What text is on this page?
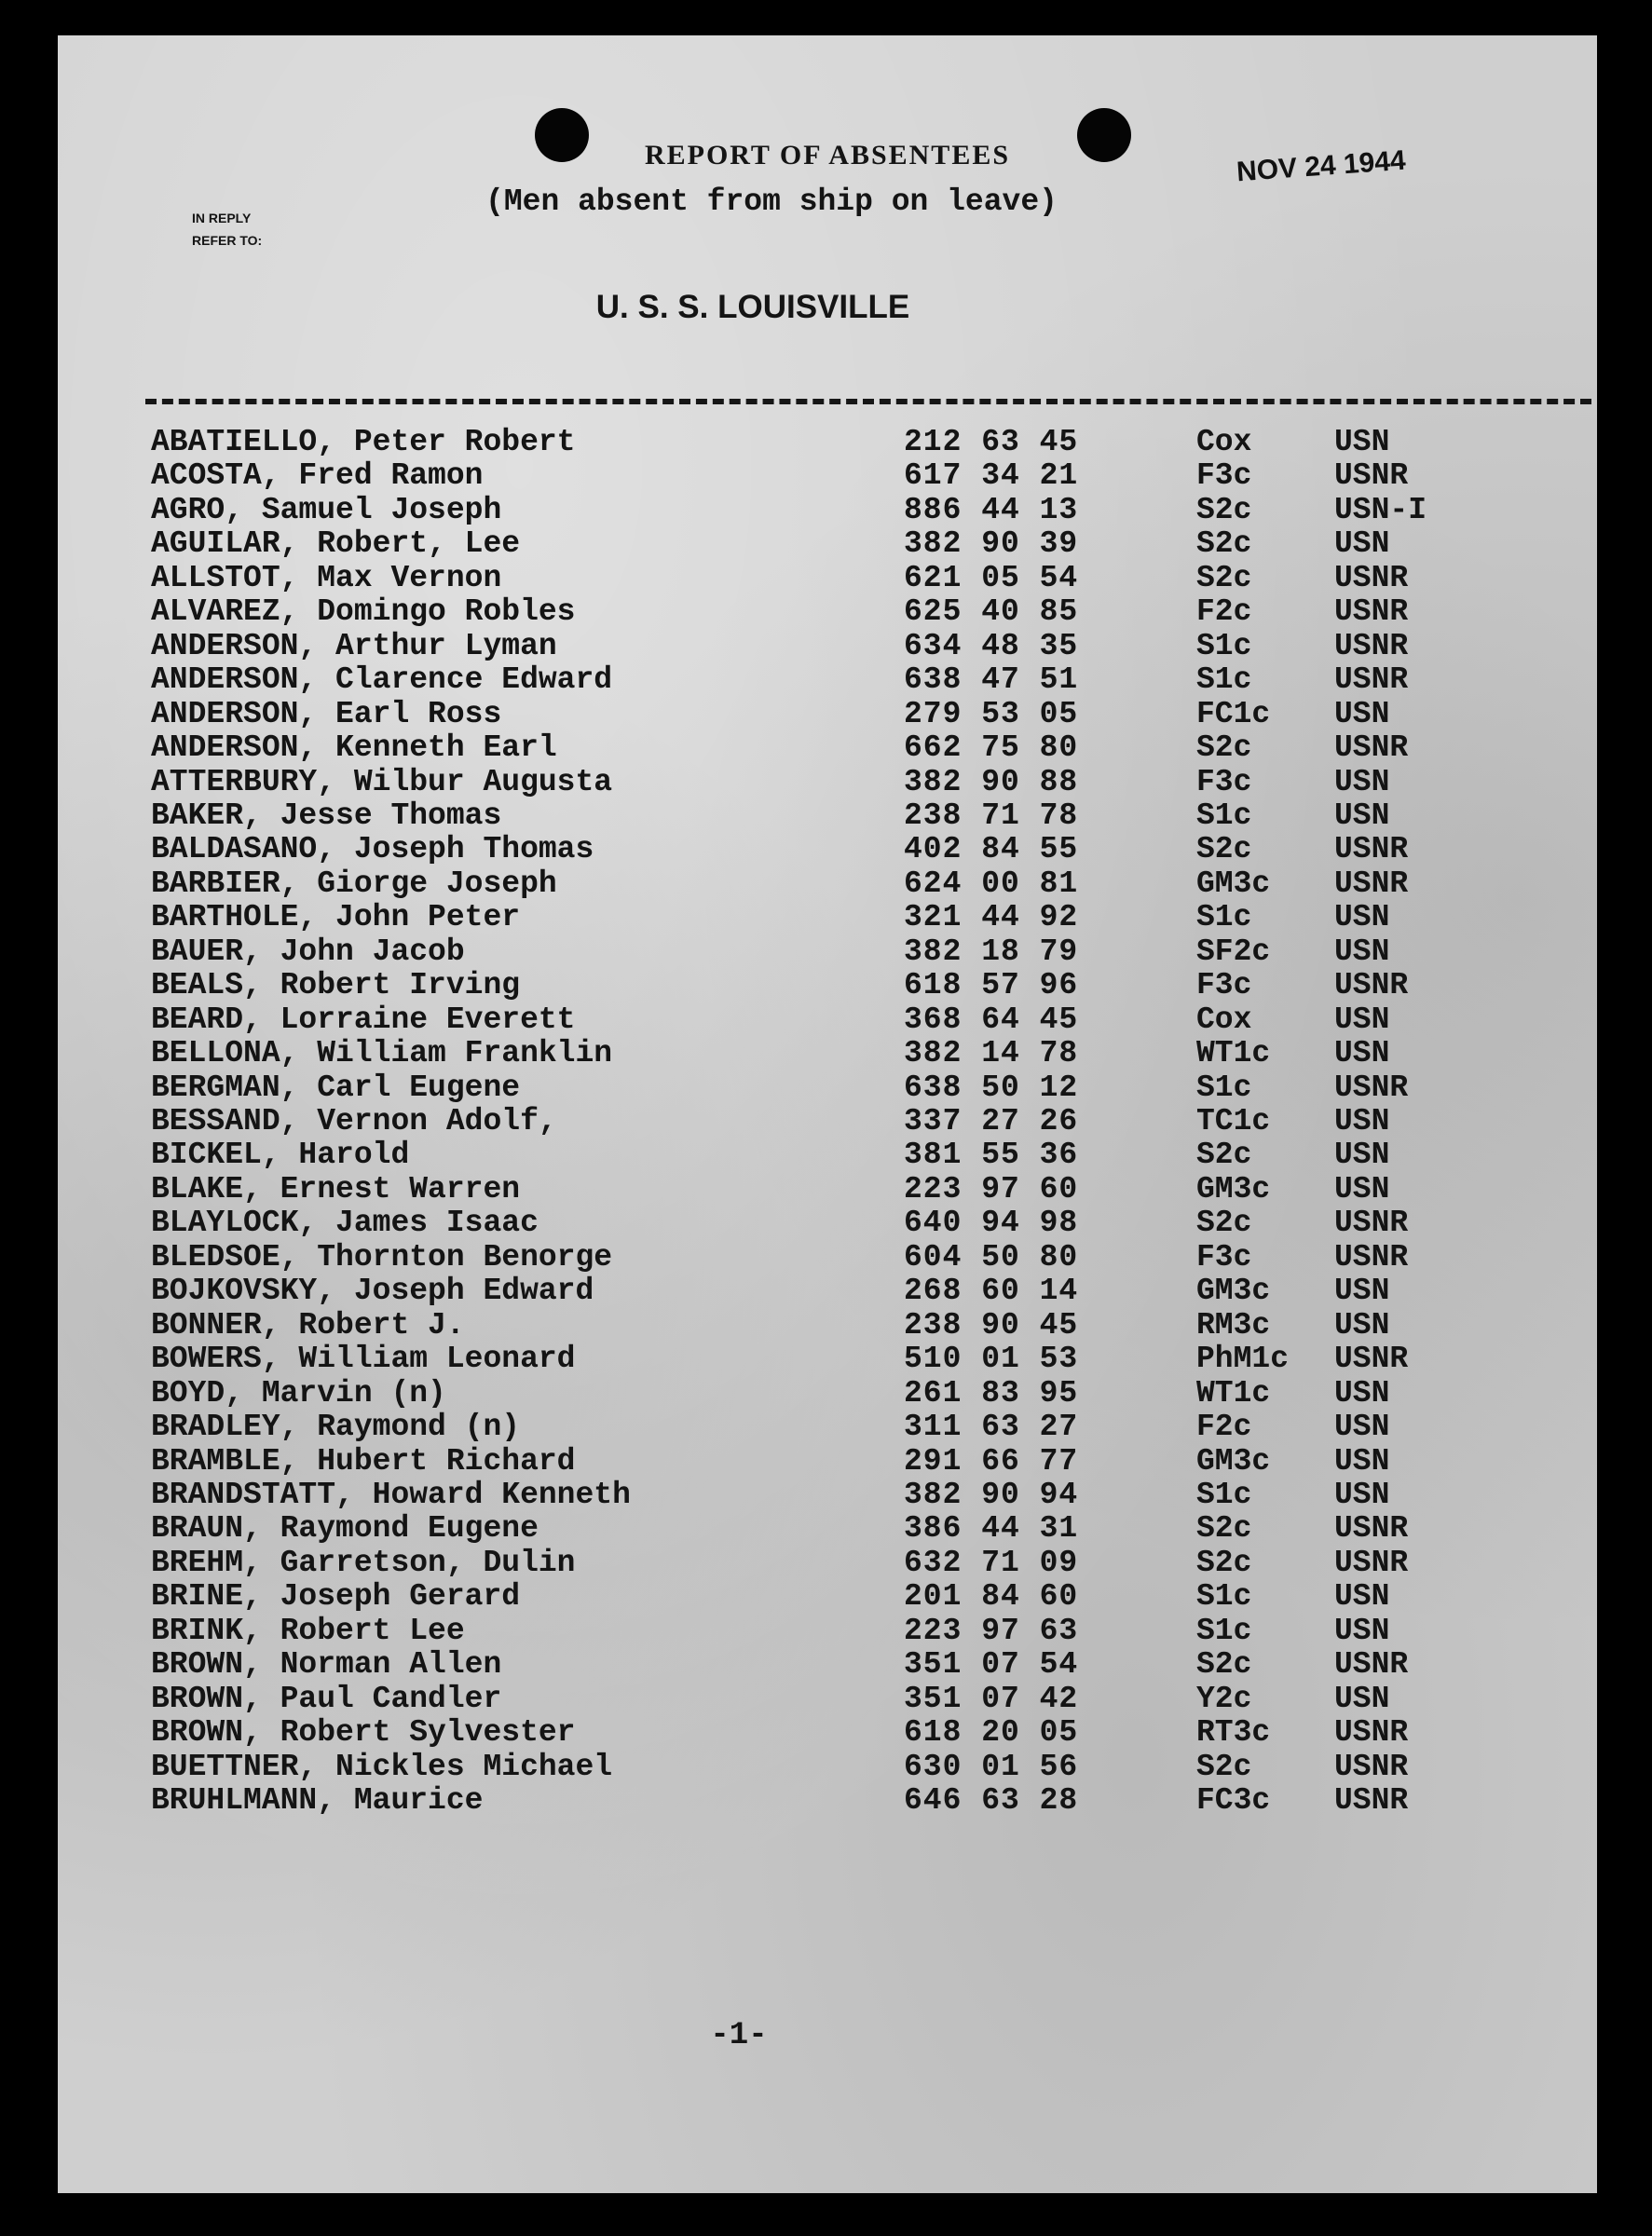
REPORT OF ABSENTEES
(Men absent from ship on leave)
NOV 24 1944
IN REPLY
REFER TO:
U. S. S. LOUISVILLE
ABATIELLO, Peter Robert	212 63 45	Cox	USN
ACOSTA, Fred Ramon	617 34 21	F3c	USNR
AGRO, Samuel Joseph	886 44 13	S2c	USN-I
AGUILAR, Robert, Lee	382 90 39	S2c	USN
ALLSTOT, Max Vernon	621 05 54	S2c	USNR
ALVAREZ, Domingo Robles	625 40 85	F2c	USNR
ANDERSON, Arthur Lyman	634 48 35	S1c	USNR
ANDERSON, Clarence Edward	638 47 51	S1c	USNR
ANDERSON, Earl Ross	279 53 05	FC1c USN
ANDERSON, Kenneth Earl	662 75 80	S2c	USNR
ATTERBURY, Wilbur Augusta	382 90 88	F3c	USN
BAKER, Jesse Thomas	238 71 78	S1c	USN
BALDASANO, Joseph Thomas	402 84 55	S2c	USNR
BARBIER, Giorge Joseph	624 00 81	GM3c USNR
BARTHOLE, John Peter	321 44 92	S1c	USN
BAUER, John Jacob	382 18 79	SF2c USN
BEALS, Robert Irving	618 57 96	F3c	USNR
BEARD, Lorraine Everett	368 64 45	Cox	USN
BELLONA, William Franklin	382 14 78	WT1c USN
BERGMAN, Carl Eugene	638 50 12	S1c	USNR
BESSAND, Vernon Adolf,	337 27 26	TC1c USN
BICKEL, Harold	381 55 36	S2c	USN
BLAKE, Ernest Warren	223 97 60	GM3c USN
BLAYLOCK, James Isaac	640 94 98	S2c	USNR
BLEDSOE, Thornton Benorge	604 50 80	F3c	USNR
BOJKOVSKY, Joseph Edward	268 60 14	GM3c USN
BONNER, Robert J.	238 90 45	RM3c USN
BOWERS, William Leonard	510 01 53	PhM1c USNR
BOYD, Marvin (n)	261 83 95	WT1c USN
BRADLEY, Raymond (n)	311 63 27	F2c	USN
BRAMBLE, Hubert Richard	291 66 77	GM3c USN
BRANDSTATT, Howard Kenneth	382 90 94	S1c	USN
BRAUN, Raymond Eugene	386 44 31	S2c	USNR
BREHM, Garretson, Dulin	632 71 09	S2c	USNR
BRINE, Joseph Gerard	201 84 60	S1c	USN
BRINK, Robert Lee	223 97 63	S1c	USN
BROWN, Norman Allen	351 07 54	S2c	USNR
BROWN, Paul Candler	351 07 42	Y2c	USN
BROWN, Robert Sylvester	618 20 05	RT3c USNR
BUETTNER, Nickles Michael	630 01 56	S2c	USNR
BRUHLMANN, Maurice	646 63 28	FC3c USNR
-1-
